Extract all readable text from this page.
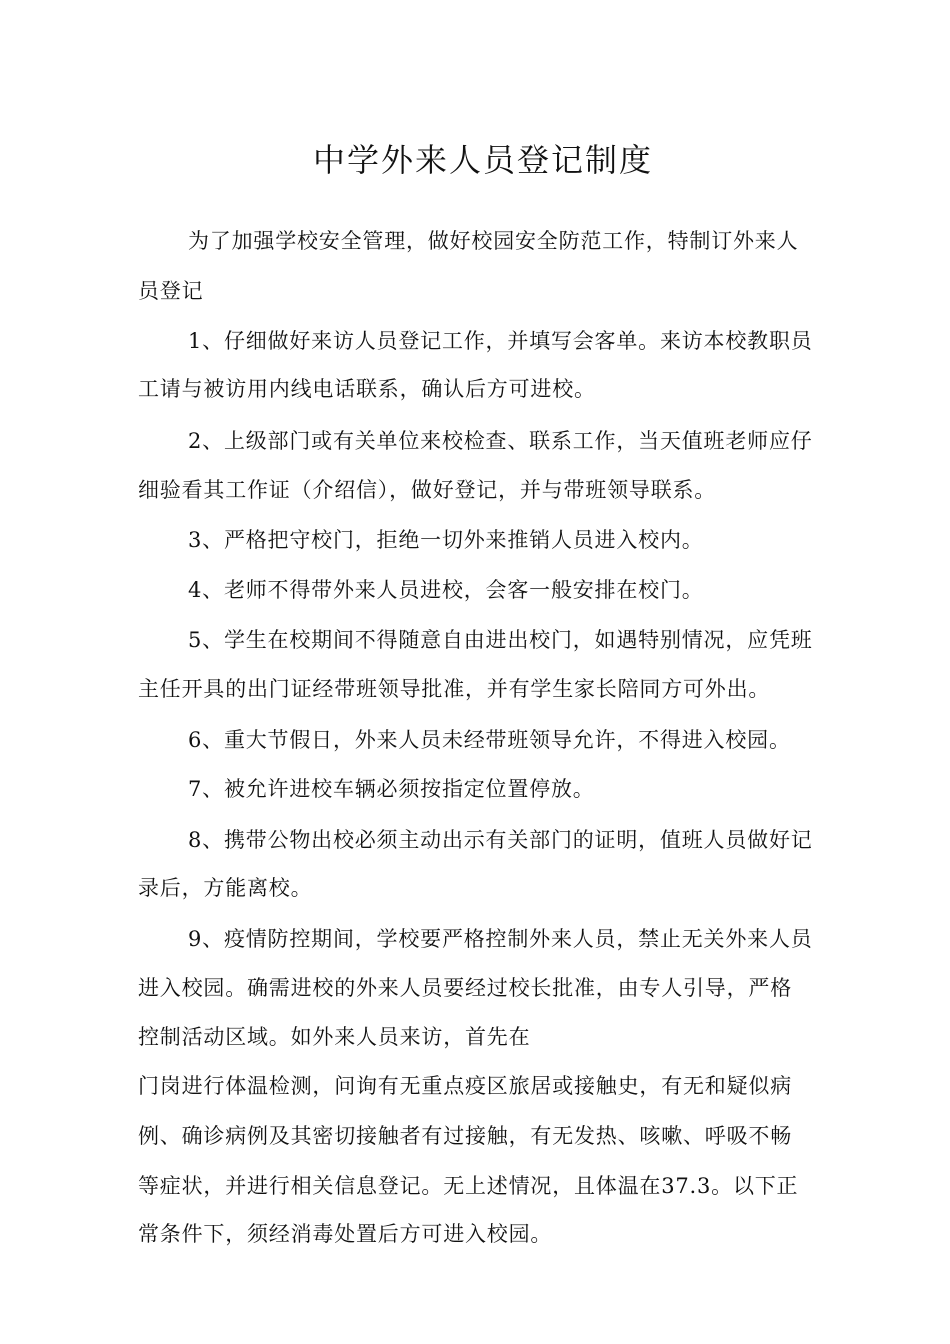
中学外来人员登记制度
为了加强学校安全管理，做好校园安全防范工作，特制订外来人
员登记
1、仔细做好来访人员登记工作，并填写会客单。来访本校教职员
工请与被访用内线电话联系，确认后方可进校。
2、上级部门或有关单位来校检查、联系工作，当天值班老师应仔
细验看其工作证（介绍信），做好登记，并与带班领导联系。
3、严格把守校门，拒绝一切外来推销人员进入校内。
4、老师不得带外来人员进校，会客一般安排在校门。
5、学生在校期间不得随意自由进出校门，如遇特别情况，应凭班
主任开具的出门证经带班领导批准，并有学生家长陪同方可外出。
6、重大节假日，外来人员未经带班领导允许，不得进入校园。
7、被允许进校车辆必须按指定位置停放。
8、携带公物出校必须主动出示有关部门的证明，值班人员做好记
录后，方能离校。
9、疫情防控期间，学校要严格控制外来人员，禁止无关外来人员
进入校园。确需进校的外来人员要经过校长批准，由专人引导，严格
控制活动区域。如外来人员来访，首先在
门岗进行体温检测，问询有无重点疫区旅居或接触史，有无和疑似病
例、确诊病例及其密切接触者有过接触，有无发热、咳嗽、呼吸不畅
等症状，并进行相关信息登记。无上述情况，且体温在37.3。以下正
常条件下，须经消毒处置后方可进入校园。
